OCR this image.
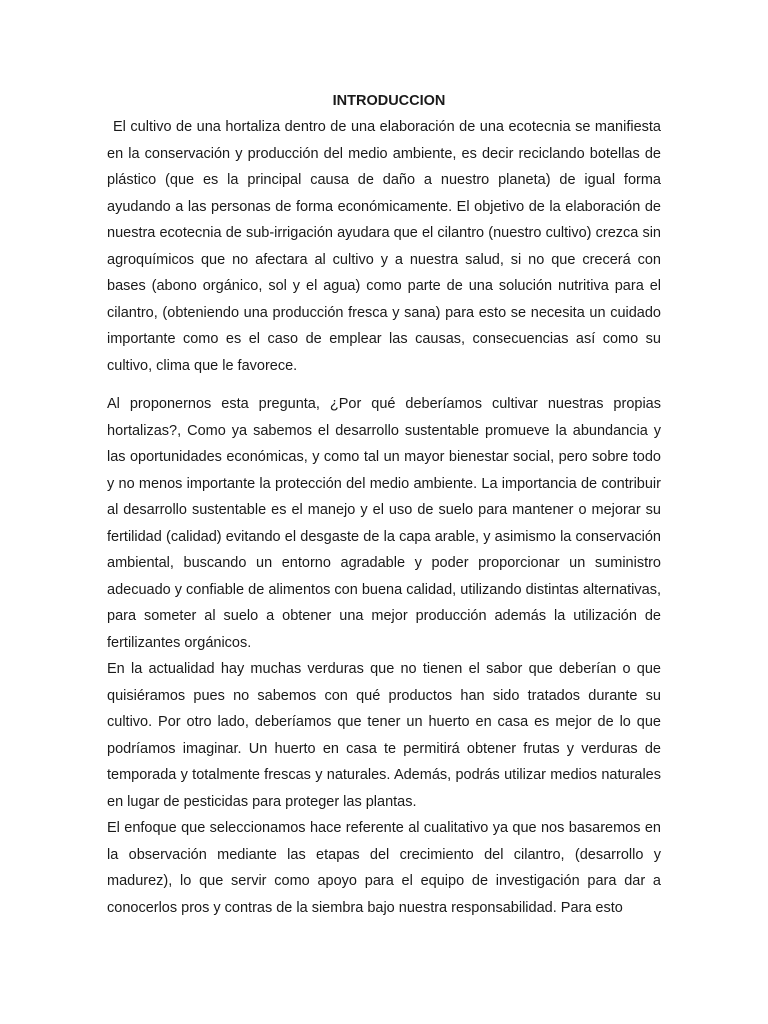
INTRODUCCION

El cultivo de una hortaliza dentro de una elaboración de una ecotecnia se manifiesta en la conservación y producción del medio ambiente, es decir reciclando botellas de plástico (que es la principal causa de daño a nuestro planeta) de igual forma ayudando a las personas de forma económicamente. El objetivo de la elaboración de nuestra ecotecnia de sub-irrigación ayudara que el cilantro (nuestro cultivo) crezca sin agroquímicos que no afectara al cultivo y a nuestra salud, si no que crecerá con bases (abono orgánico, sol y el agua) como parte de una solución nutritiva para el cilantro, (obteniendo una producción fresca y sana) para esto se necesita un cuidado importante como es el caso de emplear las causas, consecuencias así como su cultivo, clima que le favorece.

Al proponernos esta pregunta, ¿Por qué deberíamos cultivar nuestras propias hortalizas?, Como ya sabemos el desarrollo sustentable promueve la abundancia y las oportunidades económicas, y como tal un mayor bienestar social, pero sobre todo y no menos importante la protección del medio ambiente. La importancia de contribuir al desarrollo sustentable es el manejo y el uso de suelo para mantener o mejorar su fertilidad (calidad) evitando el desgaste de la capa arable, y asimismo la conservación ambiental, buscando un entorno agradable y poder proporcionar un suministro adecuado y confiable de alimentos con buena calidad, utilizando distintas alternativas, para someter al suelo a obtener una mejor producción además la utilización de fertilizantes orgánicos.

En la actualidad hay muchas verduras que no tienen el sabor que deberían o que quisiéramos pues no sabemos con qué productos han sido tratados durante su cultivo. Por otro lado, deberíamos que tener un huerto en casa es mejor de lo que podríamos imaginar. Un huerto en casa te permitirá obtener frutas y verduras de temporada y totalmente frescas y naturales. Además, podrás utilizar medios naturales en lugar de pesticidas para proteger las plantas.

El enfoque que seleccionamos hace referente al cualitativo ya que nos basaremos en la observación mediante las etapas del crecimiento del cilantro, (desarrollo y madurez), lo que servir como apoyo para el equipo de investigación para dar a conocerlos pros y contras de la siembra bajo nuestra responsabilidad. Para esto
